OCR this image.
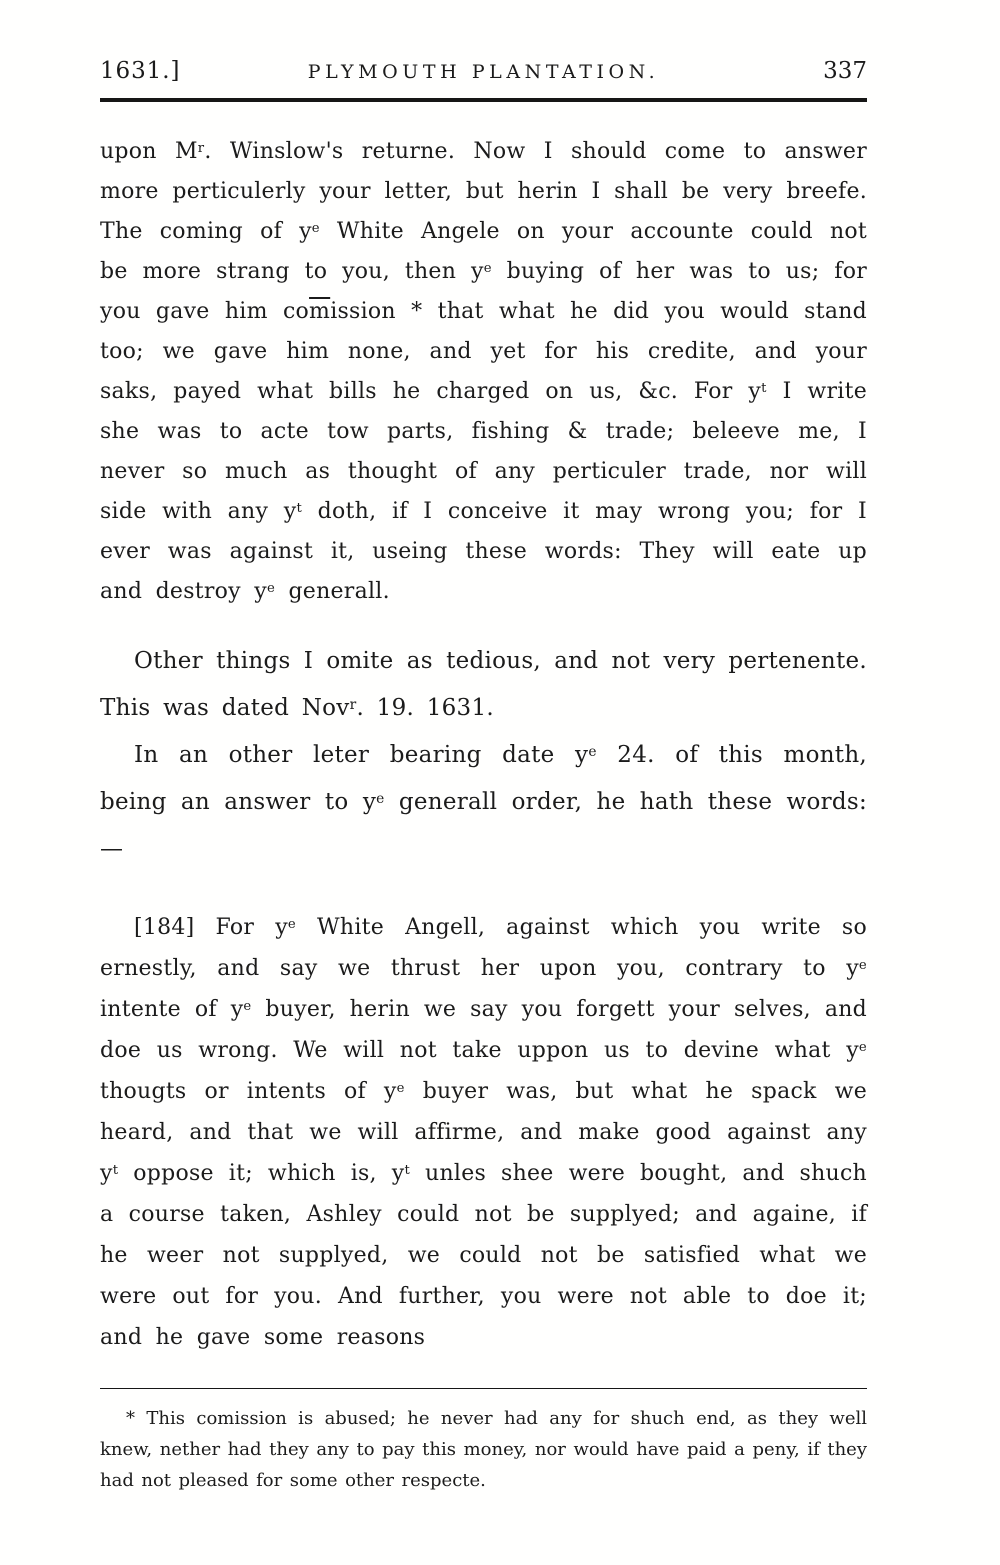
1631.]	PLYMOUTH PLANTATION.	337

upon $M^r$. Winslow's returne. Now I should come to answer more perticulerly your letter, but herin I shall be very breefe. The coming of $y^e$ White Angele on your accounte could not be more strang to you, then $y^e$ buying of her was to us; for you gave him $co\overline{m}ission$ * that what he did you would stand too; we gave him none, and yet for his credite, and your saks, payed what bills he charged on us, &c. For $y^t$ I write she was to acte tow parts, fishing & trade; beleeve me, I never so much as thought of any perticuler trade, nor will side with any $y^t$ doth, if I conceive it may wrong you; for I ever was against it, useing these words: They will eate up and destroy $y^e$ generall.

Other things I omite as tedious, and not very pertenente. This was dated Nov$^r$. 19. 1631.

In an other leter bearing date $y^e$ 24. of this month, being an answer to $y^e$ generall order, he hath these words: —

[184] For $y^e$ White Angell, against which you write so ernestly, and say we thrust her upon you, contrary to $y^e$ intente of $y^e$ buyer, herin we say you forgett your selves, and doe us wrong. We will not take uppon us to devine what $y^e$ thougts or intents of $y^e$ buyer was, but what he spack we heard, and that we will affirme, and make good against any $y^t$ oppose it; which is, $y^t$ unles shee were bought, and shuch a course taken, Ashley could not be supplyed; and againe, if he weer not supplyed, we could not be satisfied what we were out for you. And further, you were not able to doe it; and he gave some reasons

* This comission is abused; he never had any for shuch end, as they well knew, nether had they any to pay this money, nor would have paid a peny, if they had not pleased for some other respecte.
